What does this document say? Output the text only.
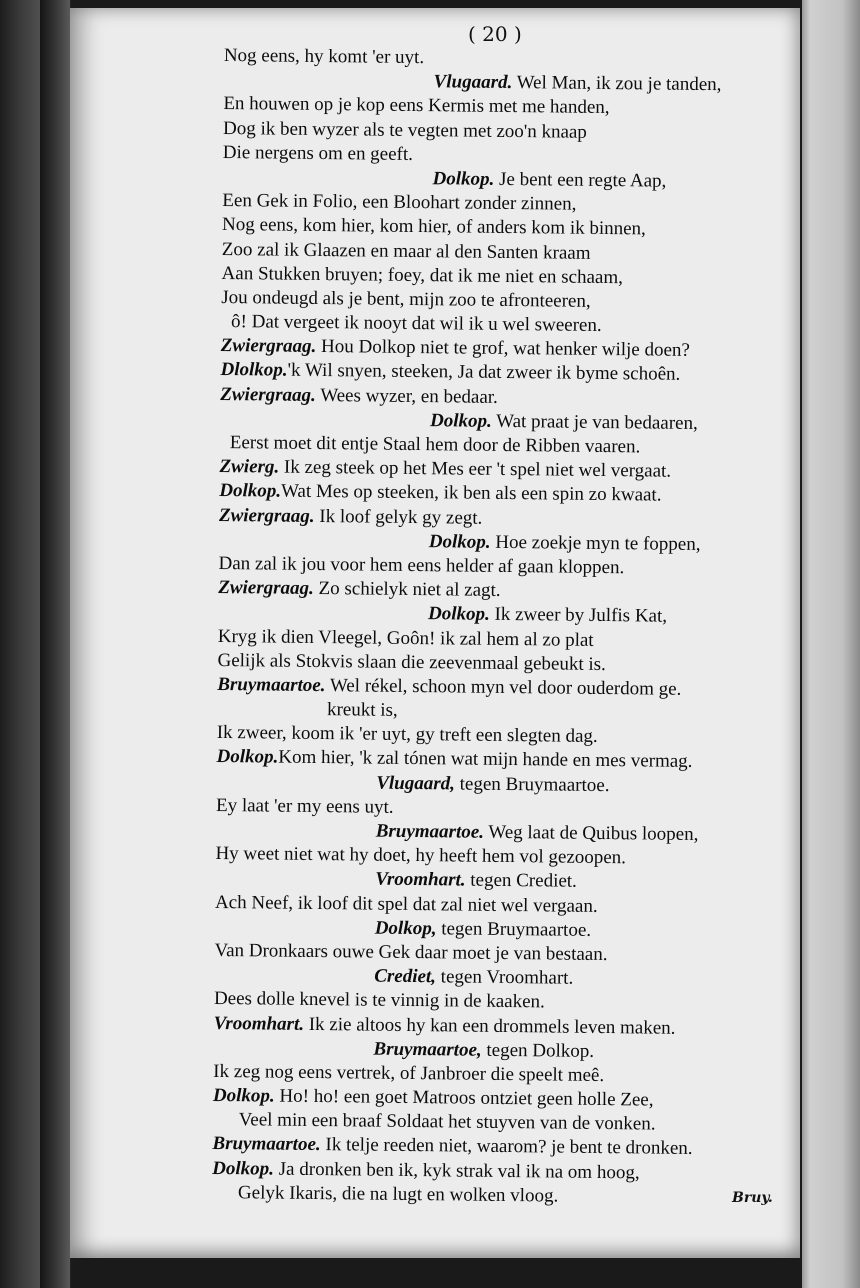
( 20 )
Nog eens, hy komt 'er uyt.
Vlugaard. Wel Man, ik zou je tanden,
En houwen op je kop eens Kermis met me handen,
Dog ik ben wyzer als te vegten met zoo'n knaap
Die nergens om en geeft.
Dolkop. Je bent een regte Aap,
Een Gek in Folio, een Bloohart zonder zinnen,
Nog eens, kom hier, kom hier, of anders kom ik binnen,
Zoo zal ik Glaazen en maar al den Santen kraam
Aan Stukken bruyen; foey, dat ik me niet en schaam,
Jou ondeugd als je bent, mijn zoo te afronteeren,
ô! Dat vergeet ik nooyt dat wil ik u wel sweeren.
Zwiergraag. Hou Dolkop niet te grof, wat henker wilje doen?
Dlolkop.'k Wil snyen, steeken, Ja dat zweer ik byme schoên.
Zwiergraag. Wees wyzer, en bedaar.
Dolkop. Wat praat je van bedaaren,
Eerst moet dit entje Staal hem door de Ribben vaaren.
Zwierg. Ik zeg steek op het Mes eer 't spel niet wel vergaat.
Dolkop.Wat Mes op steeken, ik ben als een spin zo kwaat.
Zwiergraag. Ik loof gelyk gy zegt.
Dolkop. Hoe zoekje myn te foppen,
Dan zal ik jou voor hem eens helder af gaan kloppen.
Zwiergraag. Zo schielyk niet al zagt.
Dolkop. Ik zweer by Julfis Kat,
Kryg ik dien Vleegel, Goôn! ik zal hem al zo plat
Gelijk als Stokvis slaan die zeevenmaal gebeukt is.
Bruymaartoe. Wel rékel, schoon myn vel door ouderdom ge.
kreukt is,
Ik zweer, koom ik 'er uyt, gy treft een slegten dag.
Dolkop.Kom hier, 'k zal tónen wat mijn hande en mes vermag.
Vlugaard, tegen Bruymaartoe.
Ey laat 'er my eens uyt.
Bruymaartoe. Weg laat de Quibus loopen,
Hy weet niet wat hy doet, hy heeft hem vol gezoopen.
Vroomhart. tegen Crediet.
Ach Neef, ik loof dit spel dat zal niet wel vergaan.
Dolkop, tegen Bruymaartoe.
Van Dronkaars ouwe Gek daar moet je van bestaan.
Crediet, tegen Vroomhart.
Dees dolle knevel is te vinnig in de kaaken.
Vroomhart. Ik zie altoos hy kan een drommels leven maken.
Bruymaartoe, tegen Dolkop.
Ik zeg nog eens vertrek, of Janbroer die speelt meê.
Dolkop. Ho! ho! een goet Matroos ontziet geen holle Zee,
Veel min een braaf Soldaat het stuyven van de vonken.
Bruymaartoe. Ik telje reeden niet, waarom? je bent te dronken.
Dolkop. Ja dronken ben ik, kyk strak val ik na om hoog,
Gelyk Ikaris, die na lugt en wolken vloog.	Bruy.
